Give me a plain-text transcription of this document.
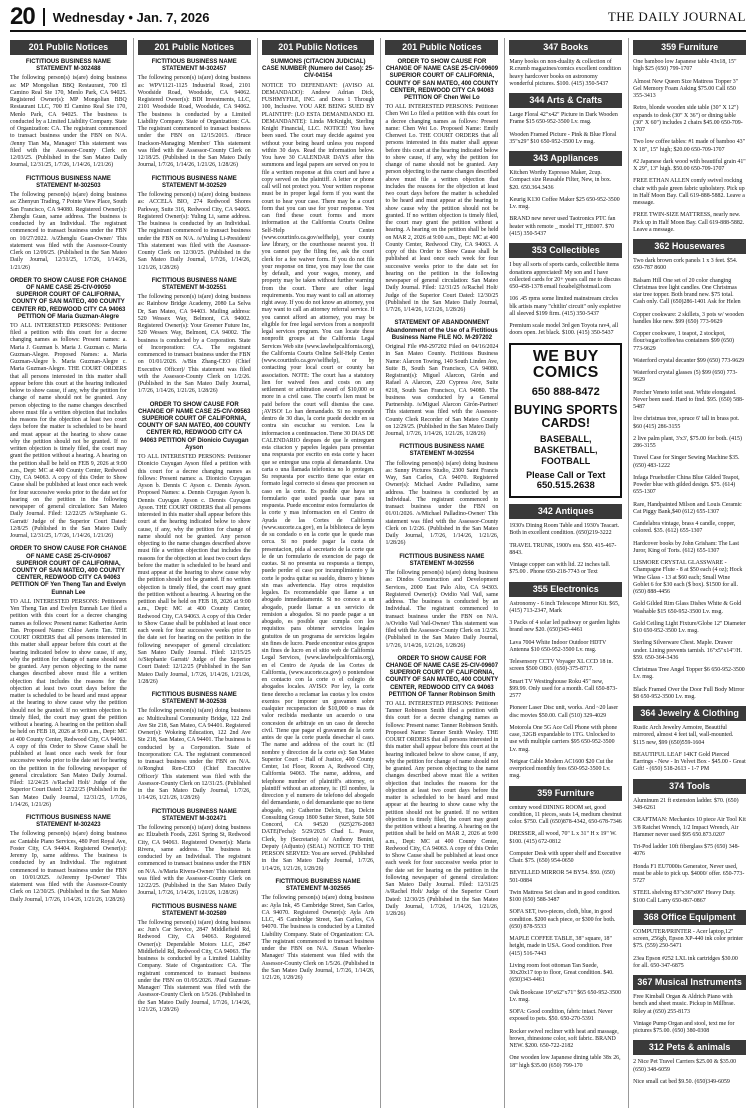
20 Wednesday • Jan. 7, 2026	THE DAILY JOURNAL
201 Public Notices
FICTITIOUS BUSINESS NAME STATEMENT M-302488
The following person(s) is(are) doing business as: MP Mongolian BBQ Restaurant, 700 El Camino Real Ste 170, Menlo Park, CA 94025. Registered Owner(s): MP Mongolian BBQ Restaurant LLC, 700 El Camino Real Ste 170, Menlo Park, CA 94025. The business is conducted by a Limited Liability Company. State of Organization: CA. The registrant commenced to transact business under the FBN on N/A. /Jenny Tian Ma, Manager/ This statement was filed with the Assessor-County Clerk on 12/03/25. (Published in the San Mateo Daily Journal, 12/31/25, 1/7/26, 1/14/26, 1/21/26)
FICTITIOUS BUSINESS NAME STATEMENT M-302503
The following person(s) is(are) doing business as: Zhenyun Trading, 7 Pointe View Place, South San Francisco, CA 94080. Registered Owner(s): Zhenglu Guan, same address. The business is conducted by an Individual. The registrant commenced to transact business under the FBN on 10/27/2022. /s/Zhenglu Guan-Owner/ This statement was filed with the Assessor-County Clerk on 12/09/25. (Published in the San Mateo Daily Journal, 12/31/25, 1/7/26, 1/14/26, 1/21/26)
ORDER TO SHOW CAUSE FOR CHANGE OF NAME CASE 25-CIV-09050 SUPERIOR COURT OF CALIFORNIA, COUNTY OF SAN MATEO, 400 COUNTY CENTER RD, REDWOOD CITY CA 94063 PETITION OF Maria Guzman-Alegre
TO ALL INTERESTED PERSONS: Petitioner filed a petition with this court for a decree changing names as follows: Present names: a. Maria J. Guzman b. Maria J. Guzman c. Maria Guzman-Alegre. Proposed Names: a. Maria Guzman-Alegre b. Maria Guzman-Alegre c. Maria Guzman-Alegre. THE COURT ORDERS that all persons interested in this matter shall appear before this court at the hearing indicated below to show cause, if any, why the petition for change of name should not be granted. Any person objecting to the name changes described above must file a written objection that includes the reasons for the objection at least two court days before the matter is scheduled to be heard and must appear at the hearing to show cause why the petition should not be granted. If no written objection is timely filed, the court may grant the petition without a hearing. A hearing on the petition shall be held on FEB 9, 2026 at 9:00 a.m., Dept: MC at 400 County Center, Redwood City, CA 94063. A copy of this Order to Show Cause shall be published at least once each week for four successive weeks prior to the date set for hearing on the petition in the following newspaper of general circulation: San Mateo Daily Journal. Filed: 12/22/25 /s/Stephanie G. Garratt/ Judge of the Superior Court Dated: 12/8/25 (Published in the San Mateo Daily Journal, 12/31/25, 1/7/26, 1/14/26, 1/21/26)
ORDER TO SHOW CAUSE FOR CHANGE OF NAME CASE 25-CIV-09067 SUPERIOR COURT OF CALIFORNIA, COUNTY OF SAN MATEO, 400 COUNTY CENTER, REDWOOD CITY CA 94063 PETITION OF Yen Theng Tan and Evelyn Eunnah Lee
TO ALL INTERESTED PERSONS: Petitioners Yen Theng Tan and Evelyn Eunnah Lee filed a petition with this court for a decree changing names as follows: Present name: Katherine Aerin Tan. Proposed Name: Chloe Aerin Tan. THE COURT ORDERS that all persons interested in this matter shall appear before this court at the hearing indicated below to show cause, if any, why the petition for change of name should not be granted. Any person objecting to the name changes described above must file a written objection that includes the reasons for the objection at least two court days before the matter is scheduled to be heard and must appear at the hearing to show cause why the petition should not be granted. If no written objection is timely filed, the court may grant the petition without a hearing. A hearing on the petition shall be held on FEB 18, 2026 at 9:00 a.m., Dept: MC at 400 County Center, Redwood City, CA 94063. A copy of this Order to Show Cause shall be published at least once each week for four successive weeks prior to the date set for hearing on the petition in the following newspaper of general circulation: San Mateo Daily Journal. Filed: 12/24/25 /s/Rachel Holt/ Judge of the Superior Court Dated: 12/22/25 (Published in the San Mateo Daily Journal, 12/31/25, 1/7/26, 1/14/26, 1/21/26)
FICTITIOUS BUSINESS NAME STATEMENT M-302423
The following person(s) is(are) doing business as: Cantable Piano Services, 480 Port Royal Ave, Foster City, CA 94404. Registered Owner(s): Jeremy Ip, same address. The business is conducted by an Individual. The registrant commenced to transact business under the FBN on 10/01/2025. /s/Jeremy Ip-Owner/ This statement was filed with the Assessor-County Clerk on 12/30/25. (Published in the San Mateo Daily Journal, 1/7/26, 1/14/26, 1/21/26, 1/28/26)
201 Public Notices
FICTITIOUS BUSINESS NAME STATEMENT M-302457
The following person(s) is(are) doing business as: WPV1121-1125 Industrial Road, 2101 Woodside Road, Woodside, CA 94062. Registered Owner(s): BDI Investments, LLC, 2101 Woodside Road, Woodside, CA 94062. The business is conducted by a Limited Liability Company. State of Organization: CA. The registrant commenced to transact business under the FBN on 12/15/2015. /Bruce Inackson-Managing Member/ This statement was filed with the Assessor-County Clerk on 12/18/25. (Published in the San Mateo Daily Journal, 1/7/26, 1/14/26, 1/21/26, 1/28/26)
FICTITIOUS BUSINESS NAME STATEMENT M-302529
The following person(s) is(are) doing business as: ACCELA BIO, 274 Redwood Shores Parkway, Suite 316, Redwood City, CA 94065. Registered Owner(s): Yuling Li, same address. The business is conducted by an Individual. The registrant commenced to transact business under the FBN on N/A. /s/Yuling Li-President/ This statement was filed with the Assessor-County Clerk on 12/30/25. (Published in the San Mateo Daily Journal, 1/7/26, 1/14/26, 1/21/26, 1/28/26)
FICTITIOUS BUSINESS NAME STATEMENT M-302551
The following person(s) is(are) doing business as: Rainbow Bridge Academy, 2080 La Selva Dr, San Mateo, CA 94403. Mailing address: 520 Wessex Way, Belmont, CA 94002. Registered Owner(s): Your Greener Future Inc, 520 Wessex Way, Belmont, CA 94002. The business is conducted by a Corporation. State of Incorporation: CA. The registrant commenced to transact business under the FBN on 01/01/2026. /s/Bin Zhang-CEO (Chief Executive Officer)/ This statement was filed with the Assessor-County Clerk on 1/2/26. (Published in the San Mateo Daily Journal, 1/7/26, 1/14/26, 1/21/26, 1/28/26)
ORDER TO SHOW CAUSE FOR CHANGE OF NAME CASE 25-CIV-09563 SUPERIOR COURT OF CALIFORNIA, COUNTY OF SAN MATEO, 400 COUNTY CENTER RD, REDWOOD CITY CA 94063 PETITION OF Dionicio Cuyugan Ayson
TO ALL INTERESTED PERSONS: Petitioner Dionicio Cuyugan Ayson filed a petition with this court for a decree changing names as follows: Present names: a. Dionicio Cuyugan Ayson b. Dennis C Ayson c. Dennis Ayson. Proposed Names: a. Dennis Cuyugan Ayson b. Dennis Cuyugan Ayson c. Dennis Cuyugan Ayson. THE COURT ORDERS that all persons interested in this matter shall appear before this court at the hearing indicated below to show cause, if any, why the petition for change of name should not be granted. Any person objecting to the name changes described above must file a written objection that includes the reasons for the objection at least two court days before the matter is scheduled to be heard and must appear at the hearing to show cause why the petition should not be granted. If no written objection is timely filed, the court may grant the petition without a hearing. A hearing on the petition shall be held on FEB 18, 2026 at 9:00 a.m., Dept: MC at 400 County Center, Redwood City, CA 94063. A copy of this Order to Show Cause shall be published at least once each week for four successive weeks prior to the date set for hearing on the petition in the following newspaper of general circulation: San Mateo Daily Journal. Filed: 12/15/25 /s/Stephanie Garratt/ Judge of the Superior Court Dated: 12/12/25 (Published in the San Mateo Daily Journal, 1/7/26, 1/14/26, 1/21/26, 1/28/26)
FICTITIOUS BUSINESS NAME STATEMENT M-302538
The following person(s) is(are) doing business as: Multicultural Community Bridge, 122 2nd Ave Ste 218, San Mateo, CA 94401. Registered Owner(s): Wokeing Education, 122 2nd Ave Ste 218, San Mateo, CA 94401. The business is conducted by a Corporation. State of Incorporation: CA. The registrant commenced to transact business under the FBN on N/A. /s/Ronghui Ren-CEO (Chief Executive Officer)/ This statement was filed with the Assessor-County Clerk on 12/31/25. (Published in the San Mateo Daily Journal, 1/7/26, 1/14/26, 1/21/26, 1/28/26)
FICTITIOUS BUSINESS NAME STATEMENT M-302471
The following person(s) is(are) doing business as: Elizabeth Foods, 2261 Spring St, Redwood City, CA 94063. Registered Owner(s): Maria Rivera, same address. The business is conducted by an Individual. The registrant commenced to transact business under the FBN on N/A. /s/Maria Rivera-Owner/ This statement was filed with the Assessor-County Clerk on 12/22/25. (Published in the San Mateo Daily Journal, 1/7/26, 1/14/26, 1/21/26, 1/28/26)
FICTITIOUS BUSINESS NAME STATEMENT M-302589
The following person(s) is(are) doing business as: Jun's Car Service, 2847 Middlefield Rd, Redwood City, CA 94063. Registered Owner(s): Dependable Motors LLC, 2847 Middlefield Rd, Redwood City, CA 94063. The business is conducted by a Limited Liability Company. State of Organization: CA. The registrant commenced to transact business under the FBN on 01/05/2026. /Paul Guzman-Manager/ This statement was filed with the Assessor-County Clerk on 1/5/26. (Published in the San Mateo Daily Journal, 1/7/26, 1/14/26, 1/21/26, 1/28/26)
201 Public Notices
SUMMONS (CITACION JUDICIAL) CASE NUMBER (Numero del Caso): 25-CIV-04154
NOTICE TO DEFENDANT: (AVISO AL DEMANDADO): Andrew Adrian Dick, FUSHMYFILE, INC. and Does 1 Through 100, Inclusive. YOU ARE BEING SUED BY PLAINTIFF: (LO ESTA DEMANDANDO EL DEMANDANTE): Linda McKnight, Sterling Knight Financial, LLC. NOTICE! You have been sued. The court may decide against you without your being heard unless you respond within 30 days. Read the information below. You have 30 CALENDAR DAYS after this summons and legal papers are served on you to file a written response at this court and have a copy served on the plaintiff. A letter or phone call will not protect you. Your written response must be in proper legal form if you want the court to hear your case. There may be a court form that you can use for your response. You can find these court forms and more information at the California Courts Online Self-Help Center (www.courtinfo.ca.gov/selfhelp), your county law library, or the courthouse nearest you. If you cannot pay the filing fee, ask the court clerk for a fee waiver form. If you do not file your response on time, you may lose the case by default, and your wages, money, and property may be taken without further warning from the court. There are other legal requirements. You may want to call an attorney right away. If you do not know an attorney, you may want to call an attorney referral service. If you cannot afford an attorney, you may be eligible for free legal services from a nonprofit legal services program. You can locate these nonprofit groups at the California Legal Services Web site (www.lawhelpcalifornia.org), the California Courts Online Self-Help Center (www.courtinfo.ca.gov/selfhelp), or by contacting your local court or county bar association. NOTE: The court has a statutory lien for waived fees and costs on any settlement or arbitration award of $10,000 or more in a civil case. The court's lien must be paid before the court will dismiss the case. ¡AVISO! Lo han demandado. Si no responde dentro de 30 dias, la corte puede decidir en su contra sin escuchar su version. Lea la informacion a continuacion. Tiene 30 DIAS DE CALENDARIO despues de que le entreguen esta citacion y papeles legales para presentar una respuesta por escrito en esta corte y hacer que se entregue una copia al demandante. Una carta o una llamada telefonica no lo protegen. Su respuesta por escrito tiene que estar en formato legal correcto si desea que procesen su caso en la corte. Es posible que haya un formulario que usted pueda usar para su respuesta. Puede encontrar estos formularios de la corte y mas informacion en el Centro de Ayuda de las Cortes de California (www.sucorte.ca.gov), en la biblioteca de leyes de su condado o en la corte que le quede mas cerca. Si no puede pagar la cuota de presentacion, pida al secretario de la corte que le de un formulario de exencion de pago de cuotas. Si no presenta su respuesta a tiempo, puede perder el caso por incumplimiento y la corte le podra quitar su sueldo, dinero y bienes sin mas advertencia. Hay otros requisitos legales. Es recomendable que llame a un abogado inmediatamente. Si no conoce a un abogado, puede llamar a un servicio de remision a abogados. Si no puede pagar a un abogado, es posible que cumpla con los requisitos para obtener servicios legales gratuitos de un programa de servicios legales sin fines de lucro. Puede encontrar estos grupos sin fines de lucro en el sitio web de California Legal Services, (www.lawhelpcalifornia.org), en el Centro de Ayuda de las Cortes de California, (www.sucorte.ca.gov) o poniendose en contacto con la corte o el colegio de abogados locales. AVISO: Por ley, la corte tiene derecho a reclamar las cuotas y los costos exentos por imponer un gravamen sobre cualquier recuperacion de $10,000 o mas de valor recibida mediante un acuerdo o una concesion de arbitraje en un caso de derecho civil. Tiene que pagar el gravamen de la corte antes de que la corte pueda desechar el caso. The name and address of the court is: (El nombre y direccion de la corte es): San Mateo Superior Court - Hall of Justice, 400 County Center, 1st Floor, Room A, Redwood City, California 94063. The name, address, and telephone number of plaintiff's attorney, or plaintiff without an attorney, is: (El nombre, la direccion y el numero de telefono del abogado del demandante, o del demandante que no tiene abogado, es): Catherine Delcin, Esq. Delcin Consulting Group 1800 Sutter Street, Suite 500 Concord, CA 94520 (925)276-2083 DATE(Fecha): 5/29/2025 Chad L. Peace, Clerk, by (Secretario) /s/ Anthony Benini, Deputy (Adjunto) (SEAL) NOTICE TO THE PERSON SERVED: You are served. (Published in the San Mateo Daily Journal, 1/7/26, 1/14/26, 1/21/26, 1/28/26)
FICTITIOUS BUSINESS NAME STATEMENT M-302565
The following person(s) is(are) doing business as: Ayla Ink, 45 Cambridge Street, San Carlos, CA 94070. Registered Owner(s): Ayla Arts LLC, 45 Cambridge Street, San Carlos, CA 94070. The business is conducted by a Limited Liability Company. State of Organization: CA. The registrant commenced to transact business under the FBN on N/A. /Susan Wheeler-Manager/ This statement was filed with the Assessor-County Clerk on 1/5/26. (Published in the San Mateo Daily Journal, 1/7/26, 1/14/26, 1/21/26, 1/28/26)
201 Public Notices
ORDER TO SHOW CAUSE FOR CHANGE OF NAME CASE 25-CIV-09609 SUPERIOR COURT OF CALIFORNIA, COUNTY OF SAN MATEO, 400 COUNTY CENTER, REDWOOD CITY CA 94063 PETITION OF Chen Wei Lo
TO ALL INTERESTED PERSONS: Petitioner Chen Wei Lo filed a petition with this court for a decree changing names as follows: Present name: Chen Wei Lo. Proposed Name: Emily Chenwei Lo. THE COURT ORDERS that all persons interested in this matter shall appear before this court at the hearing indicated below to show cause, if any, why the petition for change of name should not be granted. Any person objecting to the name changes described above must file a written objection that includes the reasons for the objection at least two court days before the matter is scheduled to be heard and must appear at the hearing to show cause why the petition should not be granted. If no written objection is timely filed, the court may grant the petition without a hearing. A hearing on the petition shall be held on MAR 2, 2026 at 9:00 a.m., Dept: MC at 400 County Center, Redwood City, CA 94063. A copy of this Order to Show Cause shall be published at least once each week for four successive weeks prior to the date set for hearing on the petition in the following newspaper of general circulation: San Mateo Daily Journal. Filed: 12/31/25 /s/Rachel Holt/ Judge of the Superior Court Dated: 12/30/25 (Published in the San Mateo Daily Journal, 1/7/26, 1/14/26, 1/21/26, 1/28/26)
STATEMENT OF ABANDONMENT Abandonment of the Use of a Fictitious Business Name FILE NO. M-297202
Original File #M-297202 Filed on 04/16/2024 in San Mateo County. Fictitious Business Name: Alarcon Towing, 140 South Linden Ave, Suite B, South San Francisco, CA 94080. Registrant(s): Miguel Alarcon, Girón and Rafael A Alarcon, 220 Cypress Ave, Suite #218, South San Francisco, CA 94080. The business was conducted by a General Partnership. /s/Miguel Alarcon Girón-Partner/ This statement was filed with the Assessor-County Clerk Recorder of San Mateo County on 12/29/25. (Published in the San Mateo Daily Journal, 1/7/26, 1/14/26, 1/21/26, 1/28/26)
FICTITIOUS BUSINESS NAME STATEMENT M-302554
The following person(s) is(are) doing business as: Sunny Pictures Studio, 2300 Saint Francis Way, San Carlos, CA 94070. Registered Owner(s): Michael Andre Palladino, same address. The business is conducted by an Individual. The registrant commenced to transact business under the FBN on 01/01/2026. /s/Michael Palladino-Owner/ This statement was filed with the Assessor-County Clerk on 1/2/26. (Published in the San Mateo Daily Journal, 1/7/26, 1/14/26, 1/21/26, 1/28/26)
FICTITIOUS BUSINESS NAME STATEMENT M-302556
The following person(s) is(are) doing business as: Dindos Construction and Development Services, 2000 East Palo Alto, CA 94303. Registered Owner(s): Ovidio Vail Vail, same address. The business is conducted by an Individual. The registrant commenced to transact business under the FBN on N/A. /s/Ovidio Vail Vail-Owner/ This statement was filed with the Assessor-County Clerk on 1/2/26. (Published in the San Mateo Daily Journal, 1/7/26, 1/14/26, 1/21/26, 1/28/26)
ORDER TO SHOW CAUSE FOR CHANGE OF NAME CASE 25-CIV-09607 SUPERIOR COURT OF CALIFORNIA, COUNTY OF SAN MATEO, 400 COUNTY CENTER, REDWOOD CITY CA 94063 PETITION OF Tanner Robinson Smith
TO ALL INTERESTED PERSONS: Petitioner Tanner Robinson Smith filed a petition with this court for a decree changing names as follows: Present name: Tanner Robinson Smith. Proposed Name: Tanner Smith Wasley. THE COURT ORDERS that all persons interested in this matter shall appear before this court at the hearing indicated below to show cause, if any, why the petition for change of name should not be granted. Any person objecting to the name changes described above must file a written objection that includes the reasons for the objection at least two court days before the matter is scheduled to be heard and must appear at the hearing to show cause why the petition should not be granted. If no written objection is timely filed, the court may grant the petition without a hearing. A hearing on the petition shall be held on MAR 2, 2026 at 9:00 a.m., Dept: MC at 400 County Center, Redwood City, CA 94063. A copy of this Order to Show Cause shall be published at least once each week for four successive weeks prior to the date set for hearing on the petition in the following newspaper of general circulation: San Mateo Daily Journal. Filed: 12/31/25 /s/Rachel Holt/ Judge of the Superior Court Dated: 12/30/25 (Published in the San Mateo Daily Journal, 1/7/26, 1/14/26, 1/21/26, 1/28/26)
347 Books
Many books on non-duality & collection of R.crumb magazines/comics excellent condition heavy hardcover books on astronomy wonderful pictures. $100. (415) 350-5437
344 Arts & Crafts
Large Floral 42"x42" Picture in Dark Wooden Frame $15 650-952-3500 Lv. msg.
Wooden Framed Picture - Pink & Blue Floral 35"x29" $10 650-952-3500 Lv msg.
343 Appliances
Kitchen Worthy Espresso Maker, 2cup. Compact size Reusable Filter, New, in box. $20. 650.364.3436
Keurig K130 Coffee Maker $25 650-952-3500 Lv. msg.
BRAND new never used Taotronics PTC fan heater with remote _ model TT_HE007. $70 (415) 350-5437
353 Collectibles
I buy all sorts of sports cards, collectible items donations appreciated! My son and I have collected cards for 20+ years call me to discuss 650-458-1378 email fsxabel@hotmail.com
106 .45 rpms some limited mainstream circles blk artists many "chitlin' circuit" only expletive all sleeved $199 firm. (415) 350-5437
Premium scale model 3rd gen Toyota rav4, all doors open. Jet black. $100. (415) 350-5437
WE BUY COMICS
650 888-8472
BUYING SPORTS CARDS!
BASEBALL, BASKETBALL, FOOTBALL
Please Call or Text
650.515.2638
342 Antiques
1930's Dining Room Table and 1930's Teacart. Both in excellent condition. (650)219-3222
TRAVEL TRUNK, 1900's era. $50. 415-467-8843.
Vintage copper can with lid. 22 inches tall. $75.00 . Phone 650-218-7743 or Text
355 Electronics
Astronomy - 6 inch Telescope Mirror Kit. $65, (415) 713-2347, Mark
3 Packs of 4 solar led pathway or garden lights brand new $20. (650)343-4461
Lava 7004 White Indoor Outdoor HDTV Antenna $10 650-952-3500 Lv. msg.
Telesensory CCTV Voyager XL CCD 18 in. screen $500 OBO. (650)-375-8717.
Smart TV Westinghouse Roku 45" new, $99.99. Only used for a month. Call 650-873-2577
Pioneer Laser Disc unit, works. And ~20 laser disc movies $50.00. Call (510) 329-4029
Motorola One 5G Ace Cell Phone with phone case, 32GB expandable to 1TG. Unlocked to use with multiple carriers $95 650-952-3500 Lv. msg.
Netgear Cable Modem AC1600 $20 Cut the overpriced monthly fees 650-952-3500 Lv. msg.
359 Furniture
century wood DINING ROOM set, good condition, 11 pieces, seats 14, medium chestnut color. $750. Call (650)878-4342, 650-678-7346
DRESSER, all wood, 70" L x 31" H x 19" W. $100. (415) 672-0812
Computer Desk with upper shelf and Executive Chair. $75. (650) 954-0650
BEVELLED MIRROR 54 BY54. $50. (650) 501-0884
Twin Mattress Set clean and in good condition. $100 (650) 588-3487
SOFA SET, two-pieces, cloth, blue, in good condition. $200 each piece, or $300 for both. (650) 878-5533
MAPLE COFFEE TABLE, 38" square, 18" height, made in USA. Good condition. Free (415) 516-7443
Living room foot ottoman Tan Suede, 30x20x17 top to floor, Great condition. $40. (650)343-4461
Oak Bookcase 19"x62"x71" $65 650-952-3500 Lv. msg.
SOFA: Good condition, fabric intact. Never exposed to pets. $50. 650-270-5391
Rocker swivel recliner with heat and massage, brown, rhinestone color, soft fabric. BRAND NEW. $200. 650-722-2182
One wooden low Japanese dining table 38x 26, 18" high $35.00 (650) 799-170
359 Furniture
One bamboo low Japanese table 43x18, 15" high $25 (650) 799-1707
Almost New Queen Size Mattress Topper 3" Gel Memory Foam Asking $75.00 Call 650 355-3413
Retro, blonde wooden side table (30" X 12") expands to desk (30" X 36") or dining table (30" X 60") includes 2 chairs $45.00 650-709-1707
Two low coffee tables: #1 made of bamboo 43" X 18", 15" high; $20.00 650-709-1707
#2 Japanese dark wood with beautiful grain 41" X 29", 13" high. $50.00 650-709-1707
FREE ETHAN ALLEN comfy swivel rocking chair with pale green fabric upholstery. Pick up in Half Moon Bay. Call 619-888-5882. Leave a message.
FREE TWIN-SIZE MATTRESS, nearly new. Pick up in Half Moon Bay. Call 619-888-5882. Leave a message.
362 Housewares
Two dark brown cork panels 1 x 3 feet. $54. 650-787 8600
Balsam Hill One set of 20 color changing Christmas tree light candles. One Christmas star tree topper. Both brand new. $75 total. Cash only. Call (650)286-1401 Ask for Helen
Copper cookware: 2 skillets, 3 pots w/ wooden handles like new. $99 (650) 773-9629
Copper cookware, 1 teapot, 2 stockpot, flour/sugar/coffee/tea containers $99 (650) 773-9629
Waterford crystal decanter $99 (650) 773-9629
Waterford crystal glasses (5) $99 (650) 773-9629
Porcher Veneto toilet seat. White elongated. Never been used. Hard to find. $95. (650) 588-5487
live christmas tree, spruce 6' tall in brass pot. $60 (415) 286-3155
2 live palm plant, 3'x3', $75.00 for both. (415) 286-3155
Travel Case for Singer Sewing Machine $35. (650) 483-1222
Infaga Fruehstiler China Blue Gilded Teapot, Powder blue with gilded design. $75. (614) 655-1307
Rare, Handpainted Milson and Louis Ceramic Cat Piggy Bank,$40 (612) 655-1307
Candelabra vintage, brass 4 candle, copper, colored. $35. (612) 655-1307
Hardcover books by John Grisham: The Last Juror, King of Torts. (612) 655-1307
LISMORE CRYSTAL GLASSWARE - Champagne Flute - 8 at $50 each (4 oz); Hock Wine Glass - 13 at $60 each; Small Wine Goblet 6 for $30 each ($ box). $1500 for all. (650) 888-4456
Gold Gilded Rim Glass Dishes White & Gold Washable $15 650-952-3500 Lv. msg.
Gold Ceiling Light Fixture/Globe 12" Diameter $10 650-952-3500 Lv. msg.
Sterling Silverware Chest. Maple. Drawer under. Lining prevents tarnish. 16"x5"x14"/H. $59. 650-364-3436
Christmas Tree Angel Topper $6 650-952-3500 Lv. msg.
Black Framed Over the Door Full Body Mirror $8 650-952-3500 Lv. msg.
364 Jewelry & Clothing
Rustic Arch Jewelry Armoire, Beautiful mirrored, almost 4 feet tall, wall-mounted. $115 new, $99 (650)559-1604
BEAUTIFUL LEAF 14KT Gold Pierced Earrings - New - In Velvet Box - $45.00 - Great Gift! - (650) 518-2613 - 1-7 PM
374 Tools
Aluminum 21 ft extension ladder. $70. (650) 348-6261
CRAFTMAN: Mechanics 10 piece Air Tool Kit 3/8 Ratchet Wrench, 1/2 Impact Wrench, Air Hammer never used $95 650.873.0207
Tri-Pod ladder 10ft fiberglass $75 (650) 348-4076
Honda F1 EU7000is Generator, Never used, must be able to pick up. $4000/ offer. 650-773-5727
STEEL shelving 83"x36"x06" Heavy Duty. $100 Call Larry 650-867-0867
368 Office Equipment
COMPUTER/PRINTER - Acer laptop,12" screen, 256gb, Epson XP-440 ink color printer $75. (559) 250-5471
23ea Epson #252 LXL ink cartridges $30.00 for all. 650-347-6875
367 Musical Instruments
Free Kimball Organ & Aldrich Piano with bench and sheet music. Pickup in Millbrae. Riley at (650) 255-8173
Vintage Pump Organ and stool, text me for pictures $75.00. (650) 380-0308
312 Pets & animals
2 Nice Pet Travel Carriers $25.00 & $35.00 (650) 348-6059
Nice small cat bed $9.50. (650)349-6059
